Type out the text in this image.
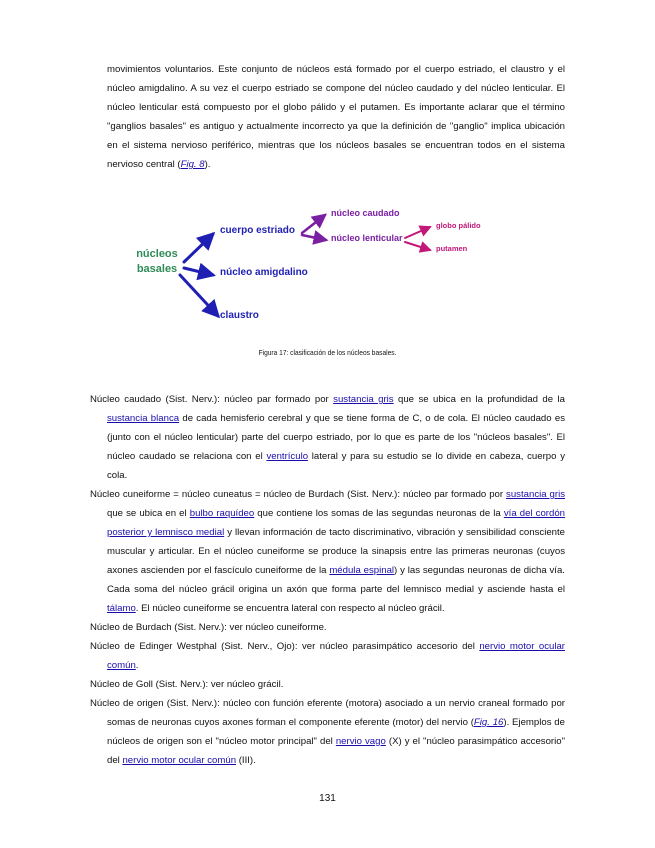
movimientos voluntarios. Este conjunto de núcleos está formado por el cuerpo estriado, el claustro y el núcleo amigdalino. A su vez el cuerpo estriado se compone del núcleo caudado y del núcleo lenticular. El núcleo lenticular está compuesto por el globo pálido y el putamen. Es importante aclarar que el término "ganglios basales" es antiguo y actualmente incorrecto ya que la definición de "ganglio" implica ubicación en el sistema nervioso periférico, mientras que los núcleos basales se encuentran todos en el sistema nervioso central (Fig. 8).
núcleos
basales
cuerpo estriado
núcleo amigdalino
claustro
núcleo caudado
núcleo lenticular
globo pálido
putamen
Figura 17: clasificación de los núcleos basales.
Núcleo caudado (Sist. Nerv.): núcleo par formado por sustancia gris que se ubica en la profundidad de la sustancia blanca de cada hemisferio cerebral y que se tiene forma de C, o de cola. El núcleo caudado es (junto con el núcleo lenticular) parte del cuerpo estriado, por lo que es parte de los "núcleos basales". El núcleo caudado se relaciona con el ventrículo lateral y para su estudio se lo divide en cabeza, cuerpo y cola.
Núcleo cuneiforme = núcleo cuneatus = núcleo de Burdach (Sist. Nerv.): núcleo par formado por sustancia gris que se ubica en el bulbo raquídeo que contiene los somas de las segundas neuronas de la vía del cordón posterior y lemnisco medial y llevan información de tacto discriminativo, vibración y sensibilidad consciente muscular y articular. En el núcleo cuneiforme se produce la sinapsis entre las primeras neuronas (cuyos axones ascienden por el fascículo cuneiforme de la médula espinal) y las segundas neuronas de dicha vía. Cada soma del núcleo grácil origina un axón que forma parte del lemnisco medial y asciende hasta el tálamo. El núcleo cuneiforme se encuentra lateral con respecto al núcleo grácil.
Núcleo de Burdach (Sist. Nerv.): ver núcleo cuneiforme.
Núcleo de Edinger Westphal (Sist. Nerv., Ojo): ver núcleo parasimpático accesorio del nervio motor ocular común.
Núcleo de Goll (Sist. Nerv.): ver núcleo grácil.
Núcleo de origen (Sist. Nerv.): núcleo con función eferente (motora) asociado a un nervio craneal formado por somas de neuronas cuyos axones forman el componente eferente (motor) del nervio (Fig. 16). Ejemplos de núcleos de origen son el "núcleo motor principal" del nervio vago (X) y el "núcleo parasimpático accesorio" del nervio motor ocular común (III).
131
